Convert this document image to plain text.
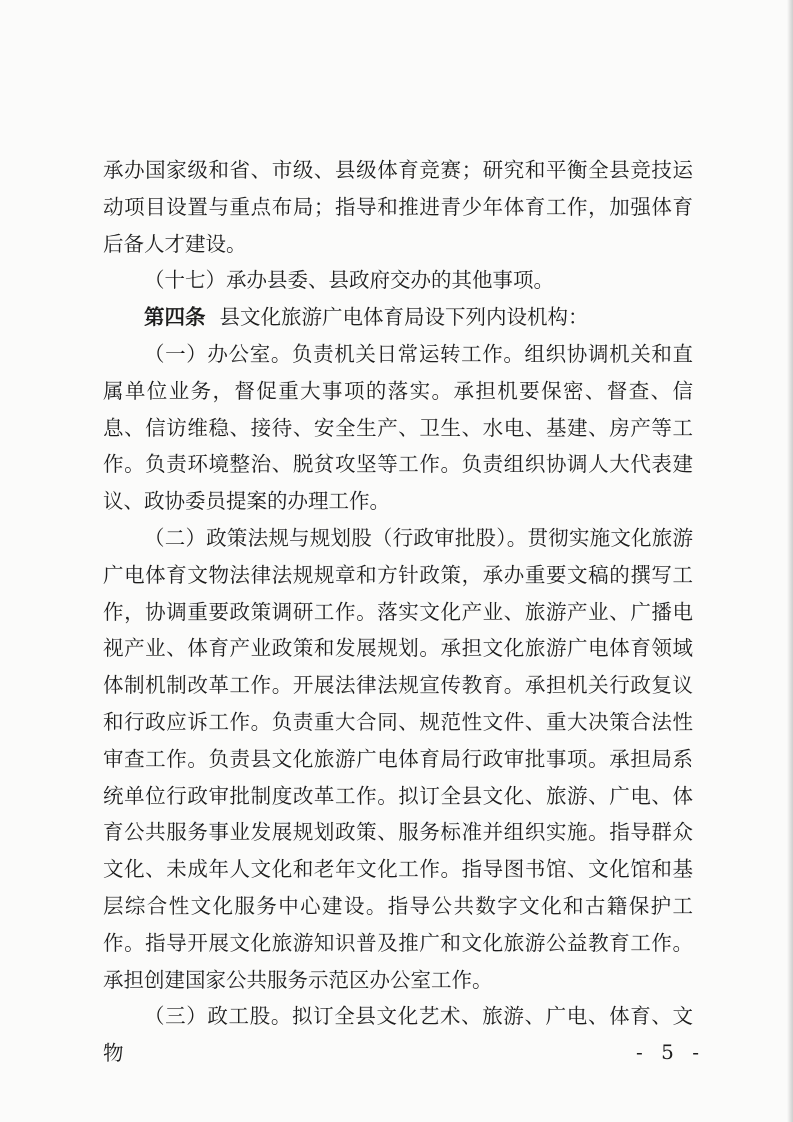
承办国家级和省、市级、县级体育竞赛；研究和平衡全县竞技运动项目设置与重点布局；指导和推进青少年体育工作，加强体育后备人才建设。

（十七）承办县委、县政府交办的其他事项。

第四条 县文化旅游广电体育局设下列内设机构：

（一）办公室。负责机关日常运转工作。组织协调机关和直属单位业务，督促重大事项的落实。承担机要保密、督查、信息、信访维稳、接待、安全生产、卫生、水电、基建、房产等工作。负责环境整治、脱贫攻坚等工作。负责组织协调人大代表建议、政协委员提案的办理工作。

（二）政策法规与规划股（行政审批股）。贯彻实施文化旅游广电体育文物法律法规规章和方针政策，承办重要文稿的撰写工作，协调重要政策调研工作。落实文化产业、旅游产业、广播电视产业、体育产业政策和发展规划。承担文化旅游广电体育领域体制机制改革工作。开展法律法规宣传教育。承担机关行政复议和行政应诉工作。负责重大合同、规范性文件、重大决策合法性审查工作。负责县文化旅游广电体育局行政审批事项。承担局系统单位行政审批制度改革工作。拟订全县文化、旅游、广电、体育公共服务事业发展规划政策、服务标准并组织实施。指导群众文化、未成年人文化和老年文化工作。指导图书馆、文化馆和基层综合性文化服务中心建设。指导公共数字文化和古籍保护工作。指导开展文化旅游知识普及推广和文化旅游公益教育工作。承担创建国家公共服务示范区办公室工作。

（三）政工股。拟订全县文化艺术、旅游、广电、体育、文物	- 5 -
